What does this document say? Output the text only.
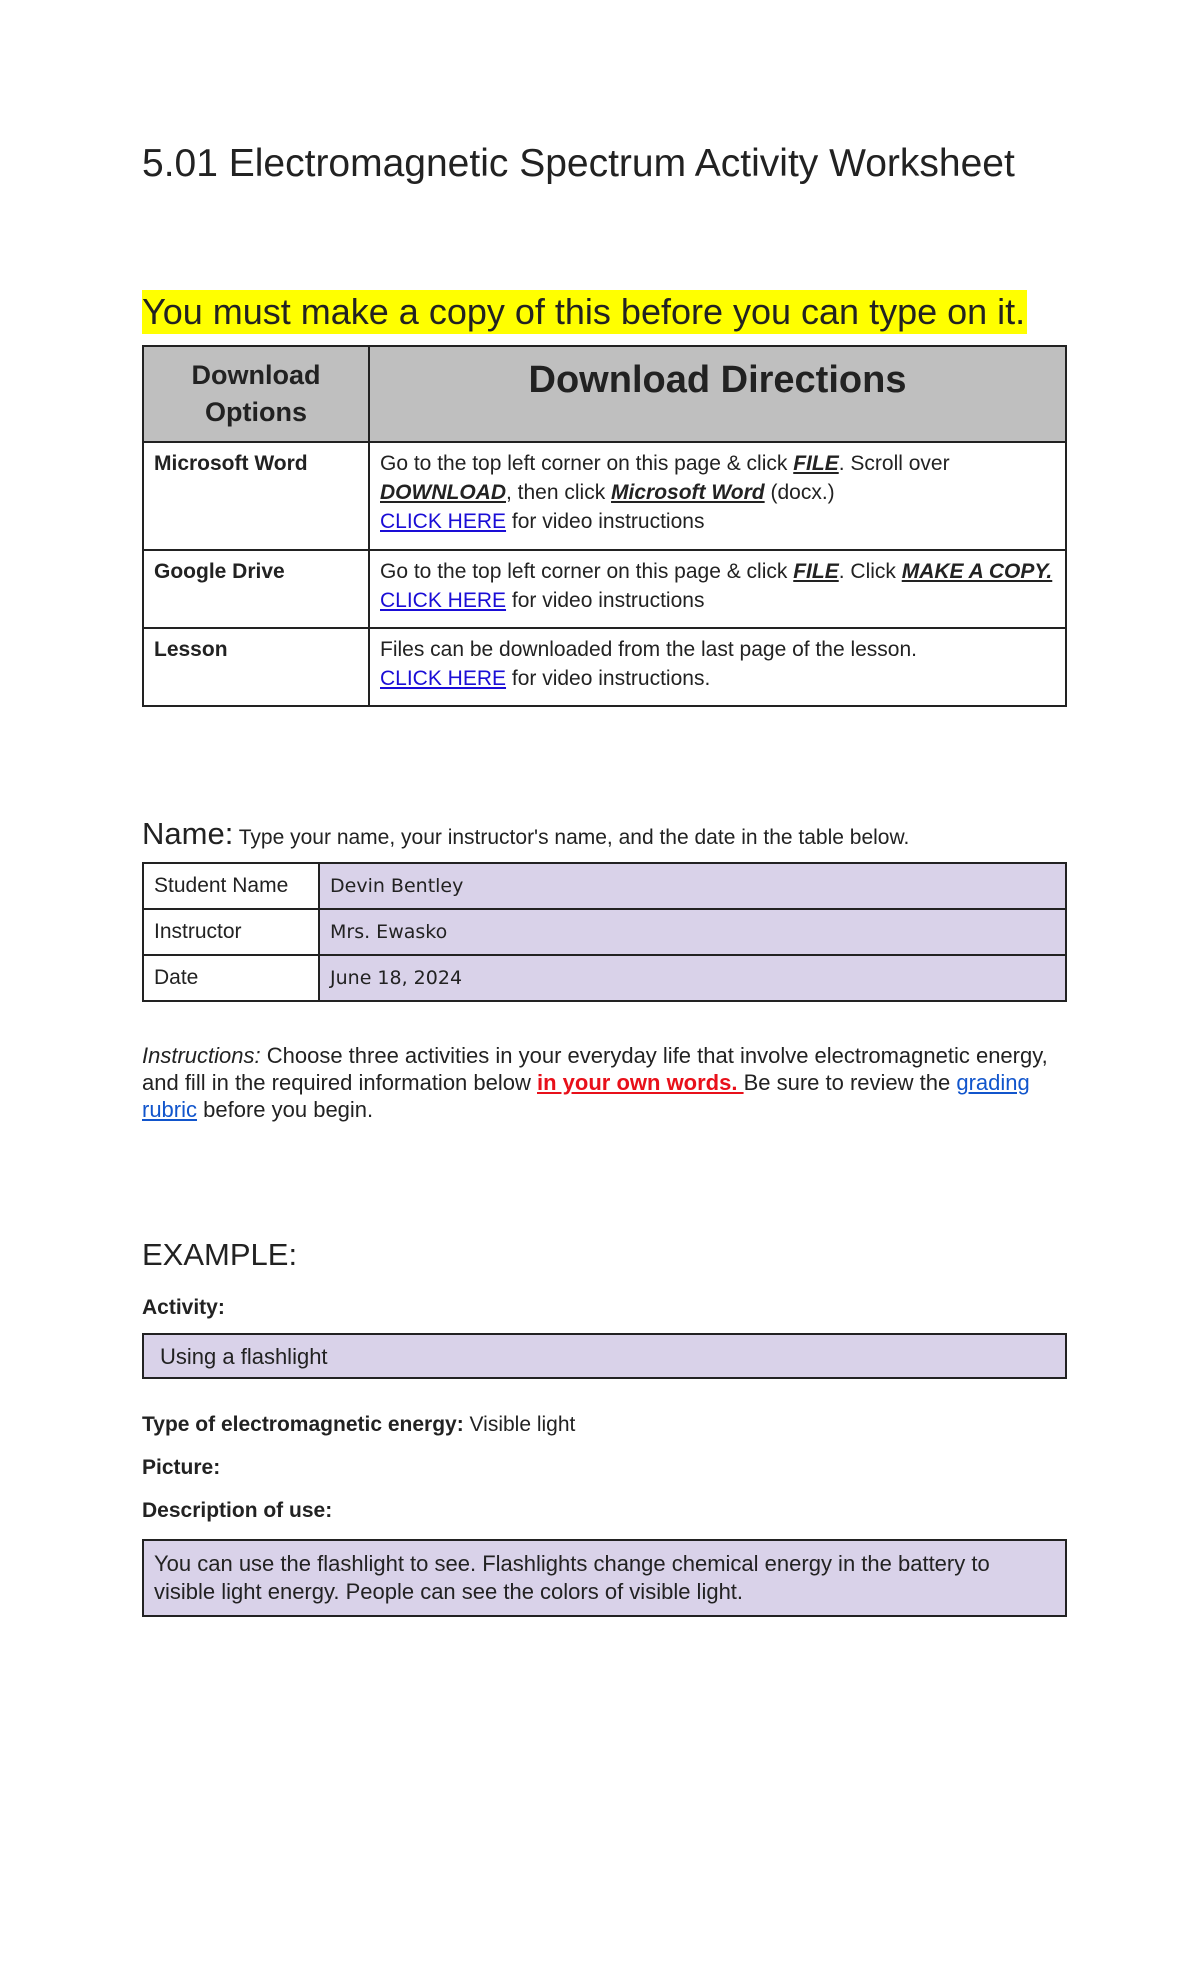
5.01 Electromagnetic Spectrum Activity Worksheet
You must make a copy of this before you can type on it.
Download Options	Download Directions
Microsoft Word	Go to the top left corner on this page & click FILE. Scroll over DOWNLOAD, then click Microsoft Word (docx.)
CLICK HERE for video instructions
Google Drive	Go to the top left corner on this page & click FILE. Click MAKE A COPY. CLICK HERE for video instructions
Lesson	Files can be downloaded from the last page of the lesson.
CLICK HERE for video instructions.
Name: Type your name, your instructor's name, and the date in the table below.
Student Name	Devin Bentley
Instructor	Mrs. Ewasko
Date	June 18, 2024

Instructions: Choose three activities in your everyday life that involve electromagnetic energy, and fill in the required information below in your own words. Be sure to review the grading rubric before you begin.

EXAMPLE:
Activity:
Using a flashlight
Type of electromagnetic energy: Visible light
Picture:
Description of use:
You can use the flashlight to see. Flashlights change chemical energy in the battery to visible light energy. People can see the colors of visible light.
